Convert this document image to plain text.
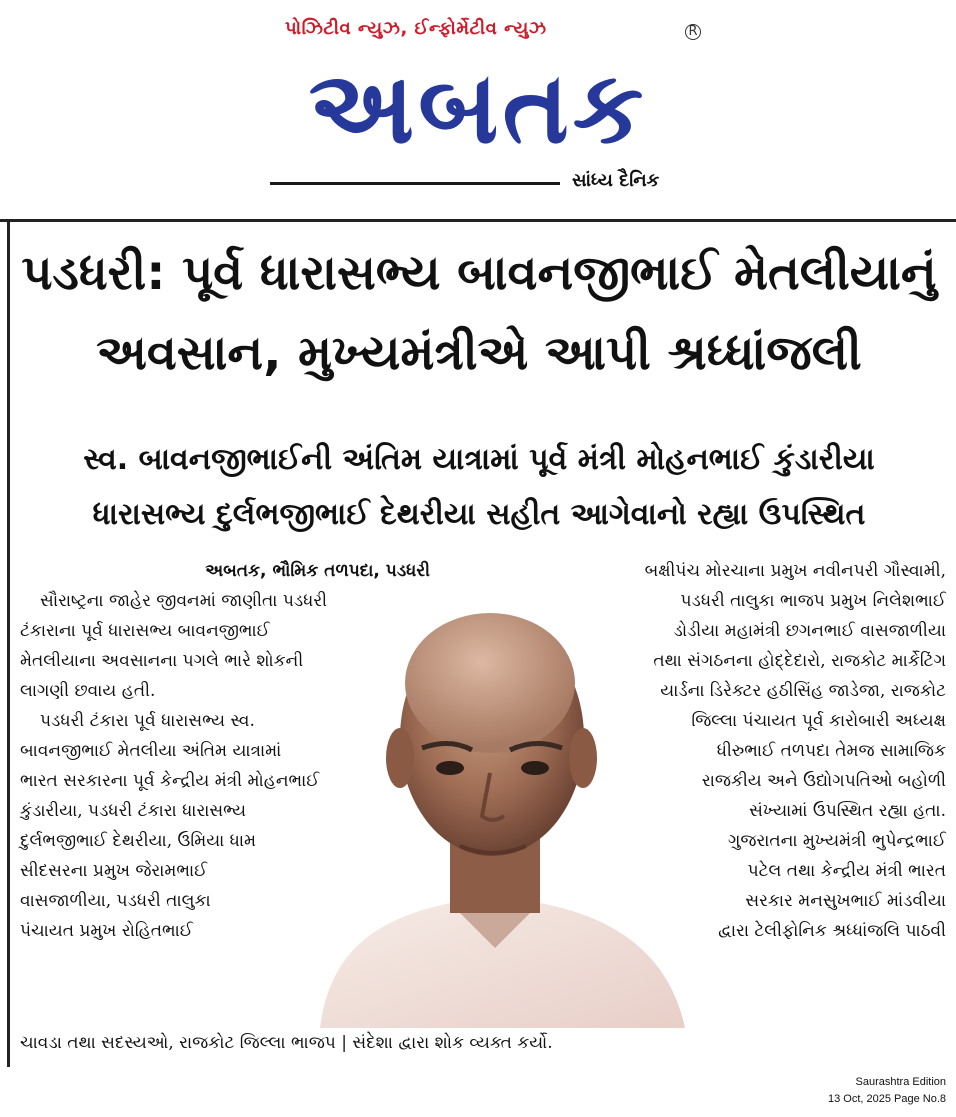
પોઝિટીવ ન્યુઝ, ઈન્ફોર્મેટીવ ન્યુઝ	R
અબતક
સાંધ્ય દૈનિક
પડધરી: પૂર્વ ધારાસભ્ય બાવનજીભાઈ મેતલીયાનું
અવસાન, મુખ્યમંત્રીએ આપી શ્રધ્ધાંજલી
સ્વ. બાવનજીભાઈની અંતિમ યાત્રામાં પૂર્વ મંત્રી મોહનભાઈ કુંડારીયા
ધારાસભ્ય દુર્લભજીભાઈ દેથરીયા સહીત આગેવાનો રહ્યા ઉપસ્થિત

અબતક, ભૌમિક તળપદા, પડધરી

સૌરાષ્ટ્રના જાહેર જીવનમાં જાણીતા પડધરી

ટંકારાના પૂર્વ ધારાસભ્ય બાવનજીભાઈ

મેતલીયાના અવસાનના પગલે ભારે શોકની

લાગણી છવાય હતી.

પડધરી ટંકારા પૂર્વ ધારાસભ્ય સ્વ.

બાવનજીભાઈ મેતલીયા અંતિમ યાત્રામાં

ભારત સરકારના પૂર્વ કેન્દ્રીય મંત્રી મોહનભાઈ

કુંડારીયા, પડધરી ટંકારા ધારાસભ્ય

દુર્લભજીભાઈ દેથરીયા, ઉમિયા ધામ

સીદસરના પ્રમુખ જેરામભાઈ

વાસજાળીયા, પડધરી તાલુકા

પંચાયત પ્રમુખ રોહિતભાઈ

બક્ષીપંચ મોરચાના પ્રમુખ નવીનપરી ગૌસ્વામી,

પડધરી તાલુકા ભાજપ પ્રમુખ નિલેશભાઈ

ડોડીયા મહામંત્રી છગનભાઈ વાસજાળીયા

તથા સંગઠનના હોદ્દેદારો, રાજકોટ માર્કેટિંગ

યાર્ડના ડિરેક્ટર હઠીસિંહ જાડેજા, રાજકોટ

જિલ્લા પંચાયત પૂર્વ કારોબારી અધ્યક્ષ

ધીરુભાઈ તળપદા તેમજ સામાજિક

રાજકીય અને ઉદ્યોગપતિઓ બહોળી

સંખ્યામાં ઉપસ્થિત રહ્યા હતા.

ગુજરાતના મુખ્યમંત્રી ભુપેન્દ્રભાઈ

પટેલ તથા કેન્દ્રીય મંત્રી ભારત

સરકાર મનસુખભાઈ માંડવીયા

દ્વારા ટેલીફોનિક શ્રધ્ધાંજલિ પાઠવી

ચાવડા તથા સદસ્યઓ, રાજકોટ જિલ્લા ભાજપ | સંદેશા દ્વારા શોક વ્યક્ત કર્યો.
Saurashtra Edition
13 Oct, 2025 Page No.8
